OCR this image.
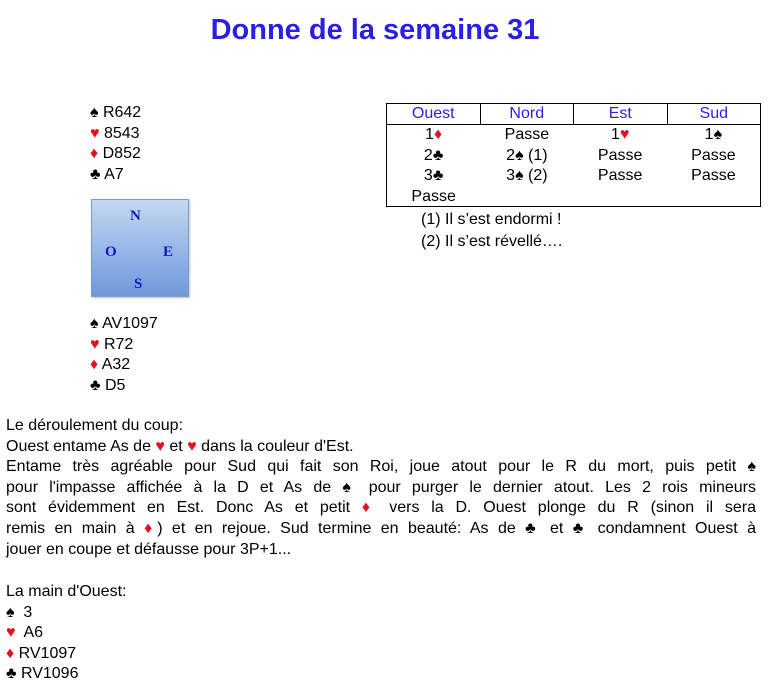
Donne de la semaine 31
♠ R642
♥ 8543
♦ D852
♣ A7
N
O	E
S
♠ AV1097
♥ R72
♦ A32
♣ D5
Ouest	Nord	Est	Sud
1♦	Passe	1♥	1♠
2♣	2♠ (1)	Passe	Passe
3♣	3♠ (2)	Passe	Passe
Passe
(1) Il s’est endormi !
(2) Il s’est révellé….
Le déroulement du coup:
Ouest entame As de ♥ et ♥ dans la couleur d'Est.
Entame très agréable pour Sud qui fait son Roi, joue atout pour le R du mort, puis petit ♠
pour l'impasse affichée à la D et As de ♠ pour purger le dernier atout. Les 2 rois mineurs
sont évidemment en Est. Donc As et petit ♦ vers la D. Ouest plonge du R (sinon il sera
remis en main à ♦) et en rejoue. Sud termine en beauté: As de ♣ et ♣ condamnent Ouest à
jouer en coupe et défausse pour 3P+1...
La main d'Ouest:
♠  3
♥  A6
♦ RV1097
♣ RV1096
